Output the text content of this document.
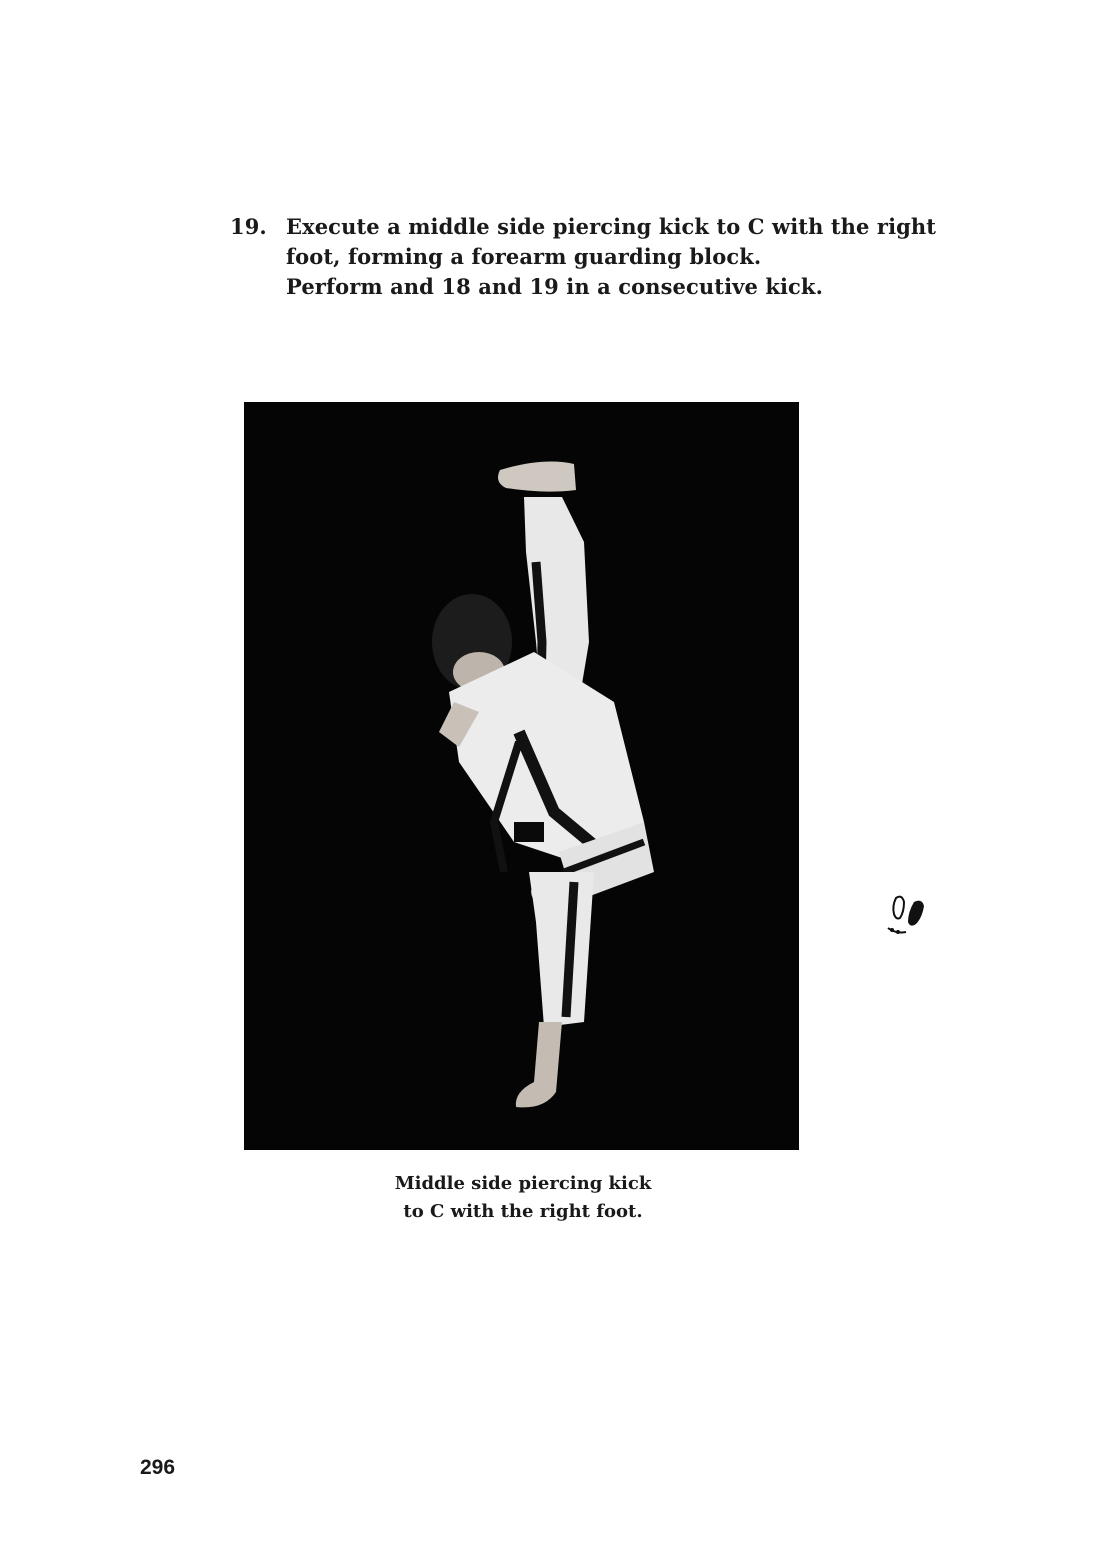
19. Execute a middle side piercing kick to C with the right
foot, forming a forearm guarding block.
Perform and 18 and 19 in a consecutive kick.
Middle side piercing kick
to C with the right foot.
296
